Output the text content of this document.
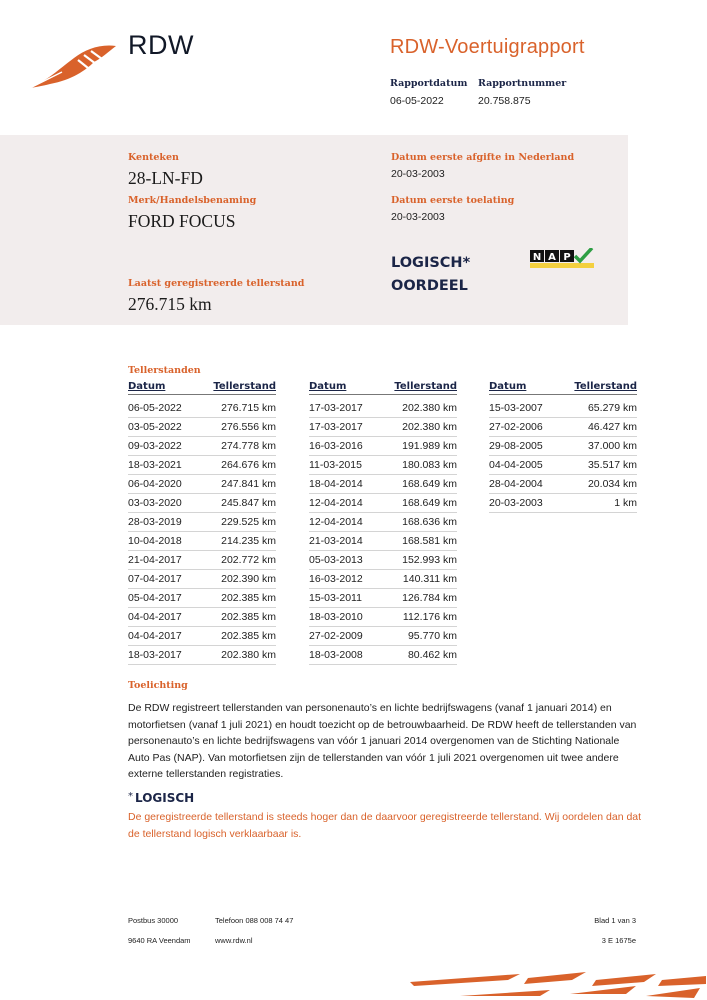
RDW	RDW-Voertuigrapport
Rapportdatum
06-05-2022
Rapportnummer
20.758.875
Kenteken
28-LN-FD
Merk/Handelsbenaming
FORD FOCUS
Datum eerste afgifte in Nederland
20-03-2003
Datum eerste toelating
20-03-2003
Laatst geregistreerde tellerstand
276.715 km
LOGISCH*
OORDEEL
N A P
Tellerstanden
Datum	Tellerstand
06-05-2022	276.715 km
03-05-2022	276.556 km
09-03-2022	274.778 km
18-03-2021	264.676 km
06-04-2020	247.841 km
03-03-2020	245.847 km
28-03-2019	229.525 km
10-04-2018	214.235 km
21-04-2017	202.772 km
07-04-2017	202.390 km
05-04-2017	202.385 km
04-04-2017	202.385 km
04-04-2017	202.385 km
18-03-2017	202.380 km
Datum	Tellerstand
17-03-2017	202.380 km
17-03-2017	202.380 km
16-03-2016	191.989 km
11-03-2015	180.083 km
18-04-2014	168.649 km
12-04-2014	168.649 km
12-04-2014	168.636 km
21-03-2014	168.581 km
05-03-2013	152.993 km
16-03-2012	140.311 km
15-03-2011	126.784 km
18-03-2010	112.176 km
27-02-2009	95.770 km
18-03-2008	80.462 km
Datum	Tellerstand
15-03-2007	65.279 km
27-02-2006	46.427 km
29-08-2005	37.000 km
04-04-2005	35.517 km
28-04-2004	20.034 km
20-03-2003	1 km
Toelichting
De RDW registreert tellerstanden van personenauto’s en lichte bedrijfswagens (vanaf 1 januari 2014) en motorfietsen (vanaf 1 juli 2021) en houdt toezicht op de betrouwbaarheid. De RDW heeft de tellerstanden van personenauto’s en lichte bedrijfswagens van vóór 1 januari 2014 overgenomen van de Stichting Nationale Auto Pas (NAP). Van motorfietsen zijn de tellerstanden van vóór 1 juli 2021 overgenomen uit twee andere externe tellerstanden registraties.
* LOGISCH
De geregistreerde tellerstand is steeds hoger dan de daarvoor geregistreerde tellerstand. Wij oordelen dan dat de tellerstand logisch verklaarbaar is.
Postbus 30000
9640 RA Veendam
Telefoon 088 008 74 47
www.rdw.nl
Blad 1 van 3
3 E 1675e
